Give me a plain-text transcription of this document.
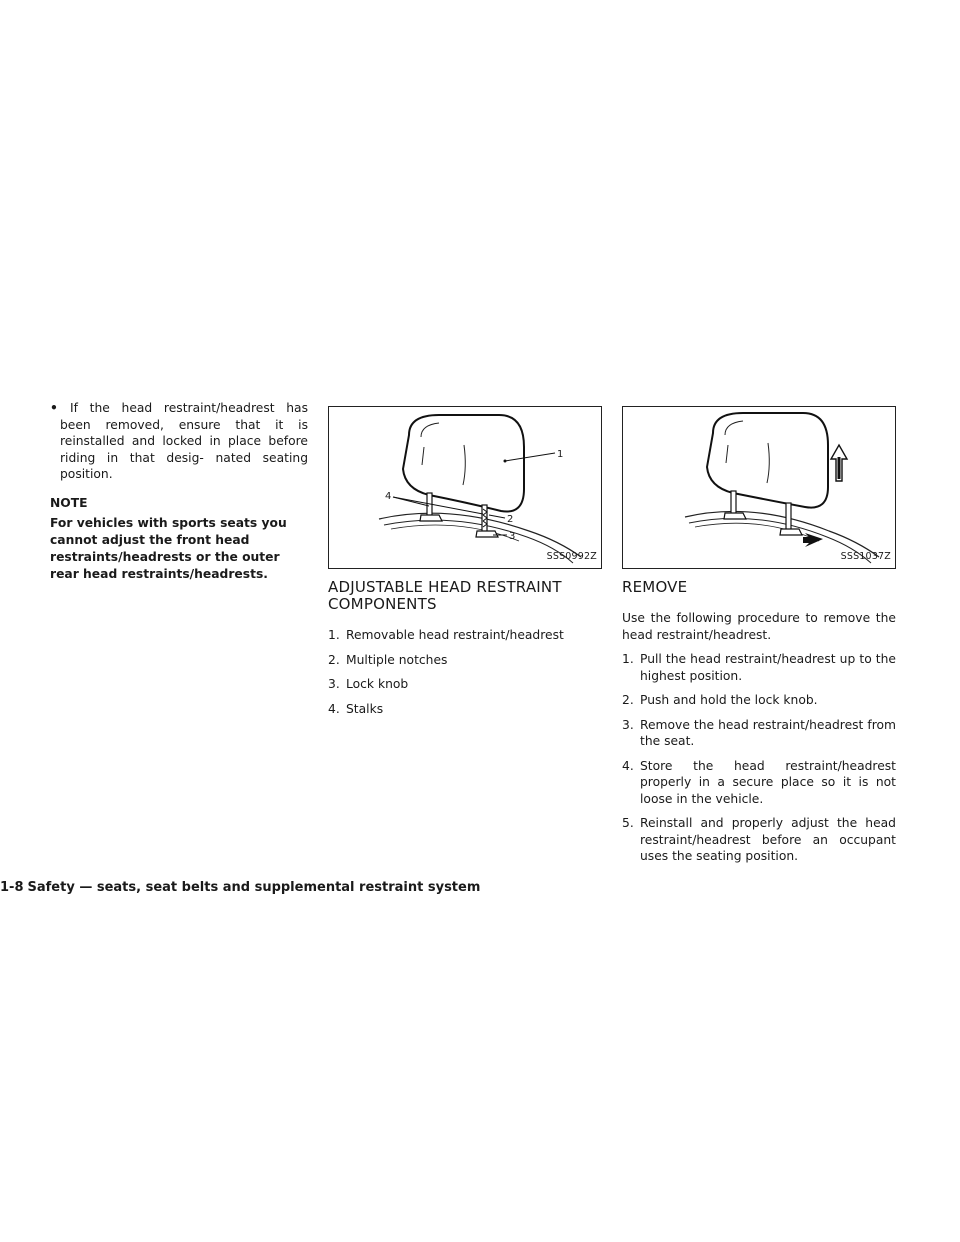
• If the head restraint/headrest has been removed, ensure that it is reinstalled and locked in place before riding in that desig- nated seating position.

NOTE

For vehicles with sports seats you cannot adjust the front head restraints/headrests or the outer rear head restraints/headrests.

1
2
3
4
SSS0992Z
ADJUSTABLE HEAD RESTRAINT COMPONENTS
1. Removable head restraint/headrest
2. Multiple notches
3. Lock knob
4. Stalks
SSS1037Z
REMOVE

Use the following procedure to remove the head restraint/headrest.

1. Pull the head restraint/headrest up to the highest position.
2. Push and hold the lock knob.
3. Remove the head restraint/headrest from the seat.
4. Store the head restraint/headrest properly in a secure place so it is not loose in the vehicle.
5. Reinstall and properly adjust the head restraint/headrest before an occupant uses the seating position.
1-8 Safety — seats, seat belts and supplemental restraint system
